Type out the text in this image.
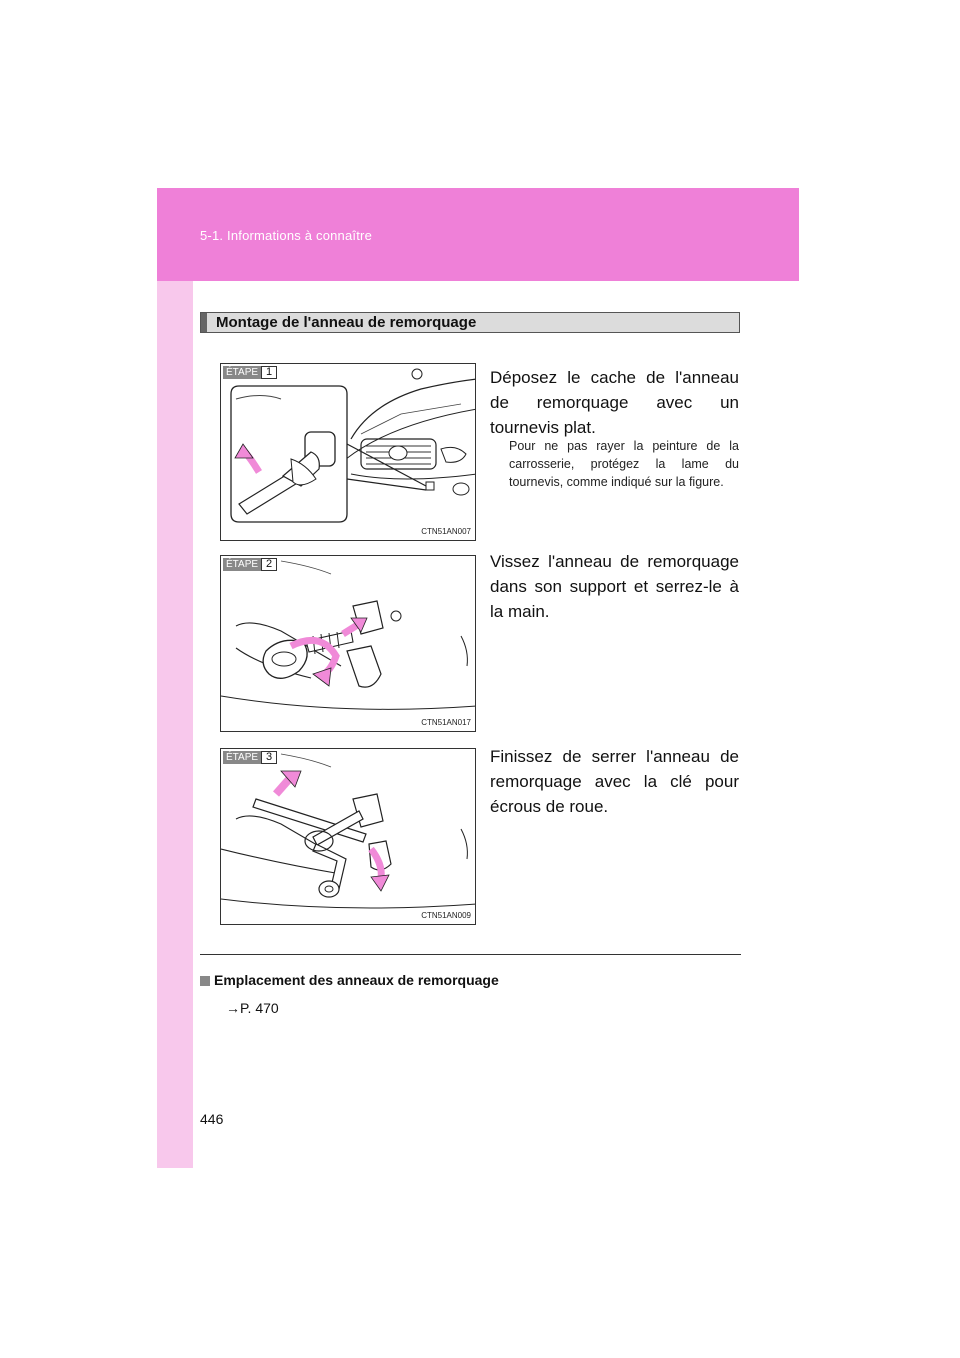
5-1. Informations à connaître
Montage de l'anneau de remorquage
ÉTAPE 1
CTN51AN007
Déposez le cache de l'anneau de remorquage avec un tournevis plat.
Pour ne pas rayer la peinture de la carrosserie, protégez la lame du tournevis, comme indiqué sur la figure.
ÉTAPE 2
CTN51AN017
Vissez l'anneau de remorquage dans son support et serrez-le à la main.
ÉTAPE 3
CTN51AN009
Finissez de serrer l'anneau de remorquage avec la clé pour écrous de roue.
Emplacement des anneaux de remorquage
→P. 470
446
